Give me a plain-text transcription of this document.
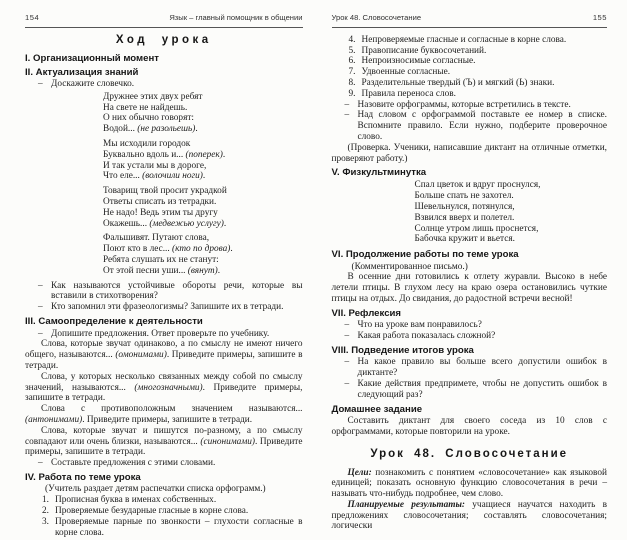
154	Язык – главный помощник в общении
Ход урока
I. Организационный момент
II. Актуализация знаний
– Доскажите словечко.
Дружнее этих двух ребят
На свете не найдешь.
О них обычно говорят:
Водой... (не разольешь).
Мы исходили городок
Буквально вдоль и... (поперек).
И так устали мы в дороге,
Что еле... (волочили ноги).
Товарищ твой просит украдкой
Ответы списать из тетрадки.
Не надо! Ведь этим ты другу
Окажешь... (медвежью услугу).
Фальшивят. Путают слова,
Поют кто в лес... (кто по дрова).
Ребята слушать их не станут:
От этой песни уши... (вянут).
– Как называются устойчивые обороты речи, которые вы вставили в стихотворения?
– Кто запомнил эти фразеологизмы? Запишите их в тетради.
III. Самоопределение к деятельности
– Допишите предложения. Ответ проверьте по учебнику.
Слова, которые звучат одинаково, а по смыслу не имеют ничего общего, называются... (омонимами). Приведите примеры, запишите в тетради.
Слова, у которых несколько связанных между собой по смыслу значений, называются... (многозначными). Приведите примеры, запишите в тетради.
Слова с противоположным значением называются... (антонимами). Приведите примеры, запишите в тетради.
Слова, которые звучат и пишутся по-разному, а по смыслу совпадают или очень близки, называются... (синонимами). Приведите примеры, запишите в тетради.
– Составьте предложения с этими словами.
IV. Работа по теме урока
(Учитель раздает детям распечатки списка орфограмм.)
1. Прописная буква в именах собственных.
2. Проверяемые безударные гласные в корне слова.
3. Проверяемые парные по звонкости – глухости согласные в корне слова.
Урок 48. Словосочетание	155
4. Непроверяемые гласные и согласные в корне слова.
5. Правописание буквосочетаний.
6. Непроизносимые согласные.
7. Удвоенные согласные.
8. Разделительные твердый (Ъ) и мягкий (Ь) знаки.
9. Правила переноса слов.
– Назовите орфограммы, которые встретились в тексте.
– Над словом с орфограммой поставьте ее номер в списке. Вспомните правило. Если нужно, подберите проверочное слово.
(Проверка. Ученики, написавшие диктант на отличные отметки, проверяют работу.)
V. Физкультминутка
Спал цветок и вдруг проснулся,
Больше спать не захотел.
Шевельнулся, потянулся,
Взвился вверх и полетел.
Солнце утром лишь проснется,
Бабочка кружит и вьется.
VI. Продолжение работы по теме урока
(Комментированное письмо.)
В осенние дни готовились к отлету журавли. Высоко в небе летели птицы. В глухом лесу на краю озера остановились чуткие птицы на отдых. До свидания, до радостной встречи весной!
VII. Рефлексия
– Что на уроке вам понравилось?
– Какая работа показалась сложной?
VIII. Подведение итогов урока
– На какое правило вы больше всего допустили ошибок в диктанте?
– Какие действия предпримете, чтобы не допустить ошибок в следующий раз?
Домашнее задание
Составить диктант для своего соседа из 10 слов с орфограммами, которые повторили на уроке.
Урок 48. Словосочетание
Цели: познакомить с понятием «словосочетание» как языковой единицей; показать основную функцию словосочетания в речи – называть что-нибудь подробнее, чем слово.
Планируемые результаты: учащиеся научатся находить в предложениях словосочетания; составлять словосочетания; логически
